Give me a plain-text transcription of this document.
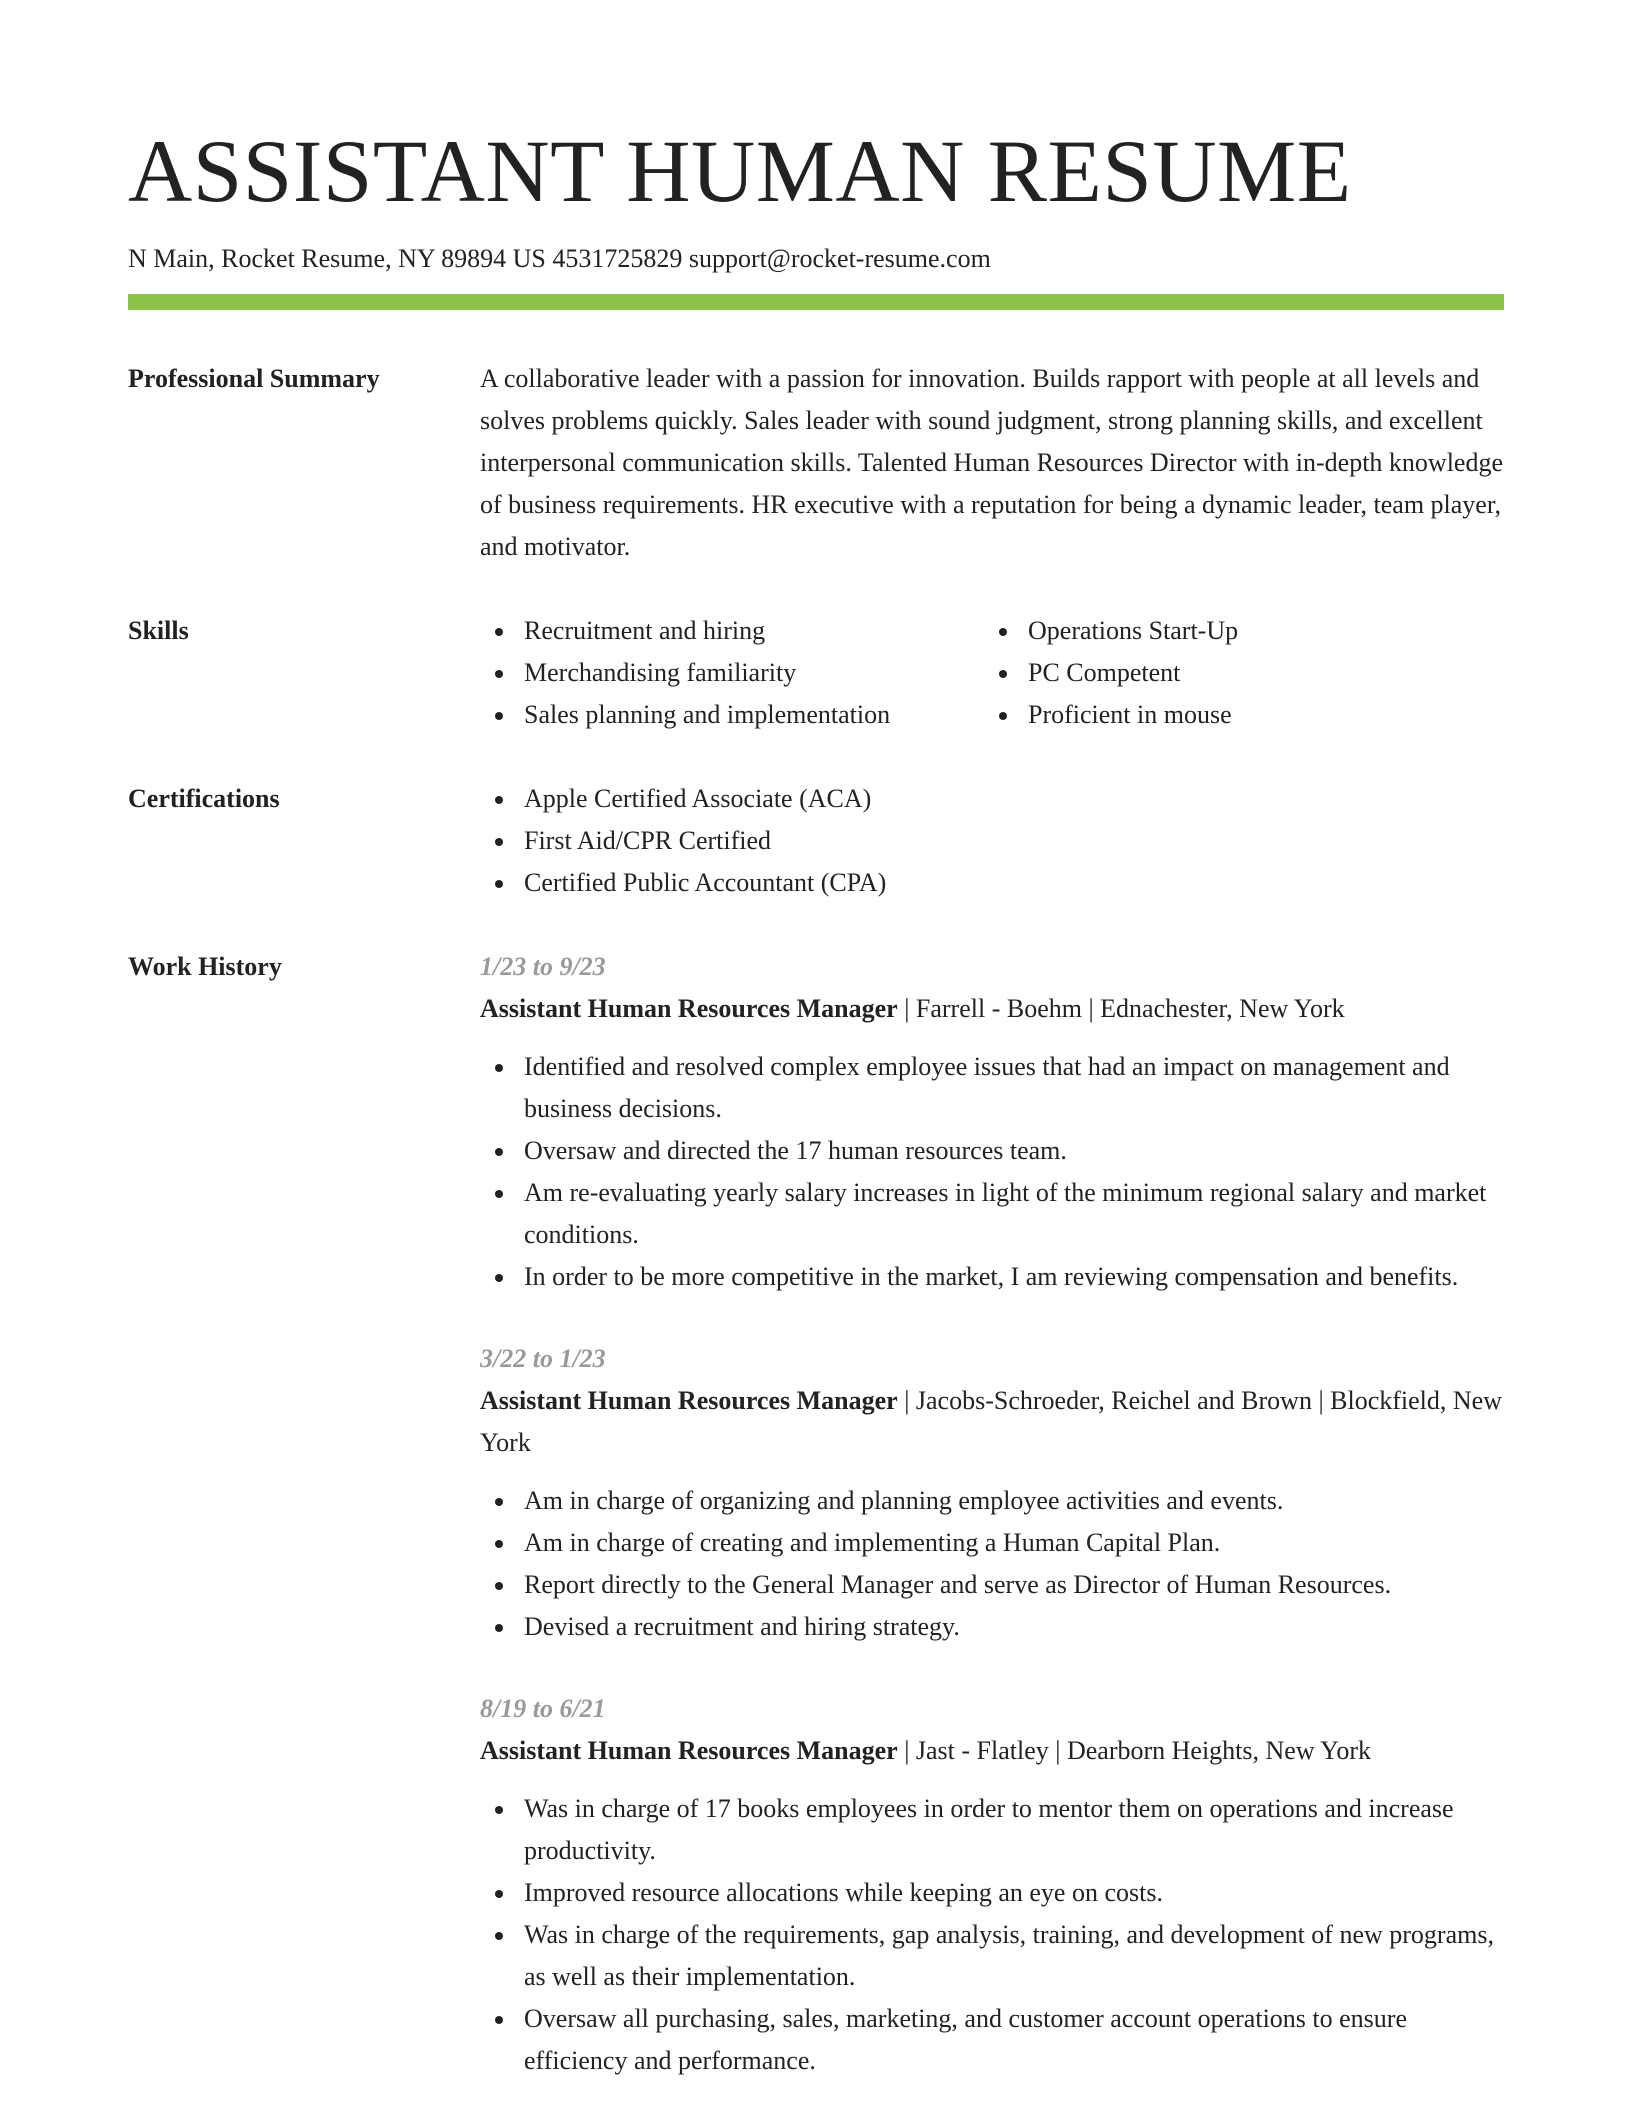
ASSISTANT HUMAN RESUME
N Main, Rocket Resume, NY 89894 US 4531725829 support@rocket-resume.com
Professional Summary	A collaborative leader with a passion for innovation. Builds rapport with people at all levels and solves problems quickly. Sales leader with sound judgment, strong planning skills, and excellent interpersonal communication skills. Talented Human Resources Director with in-depth knowledge of business requirements. HR executive with a reputation for being a dynamic leader, team player, and motivator.
Skills	Recruitment and hiring
Merchandising familiarity
Sales planning and implementation
Operations Start-Up
PC Competent
Proficient in mouse
Certifications	Apple Certified Associate (ACA)
First Aid/CPR Certified
Certified Public Accountant (CPA)
Work History	1/23 to 9/23
Assistant Human Resources Manager | Farrell - Boehm | Ednachester, New York
Identified and resolved complex employee issues that had an impact on management and business decisions.
Oversaw and directed the 17 human resources team.
Am re-evaluating yearly salary increases in light of the minimum regional salary and market conditions.
In order to be more competitive in the market, I am reviewing compensation and benefits.
3/22 to 1/23
Assistant Human Resources Manager | Jacobs-Schroeder, Reichel and Brown | Blockfield, New York
Am in charge of organizing and planning employee activities and events.
Am in charge of creating and implementing a Human Capital Plan.
Report directly to the General Manager and serve as Director of Human Resources.
Devised a recruitment and hiring strategy.
8/19 to 6/21
Assistant Human Resources Manager | Jast - Flatley | Dearborn Heights, New York
Was in charge of 17 books employees in order to mentor them on operations and increase productivity.
Improved resource allocations while keeping an eye on costs.
Was in charge of the requirements, gap analysis, training, and development of new programs, as well as their implementation.
Oversaw all purchasing, sales, marketing, and customer account operations to ensure efficiency and performance.
